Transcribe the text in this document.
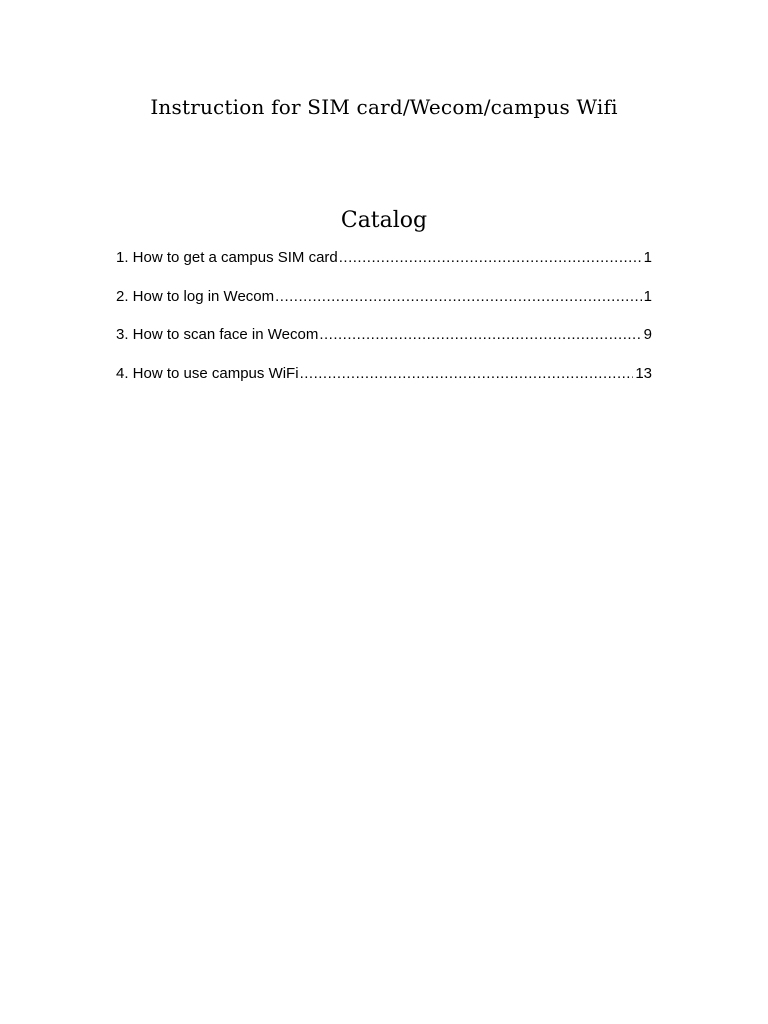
Instruction for SIM card/Wecom/campus Wifi
Catalog
1. How to get a campus SIM card .....	1
2. How to log in Wecom .....	1
3. How to scan face in Wecom .....	9
4. How to use campus WiFi .....	13
